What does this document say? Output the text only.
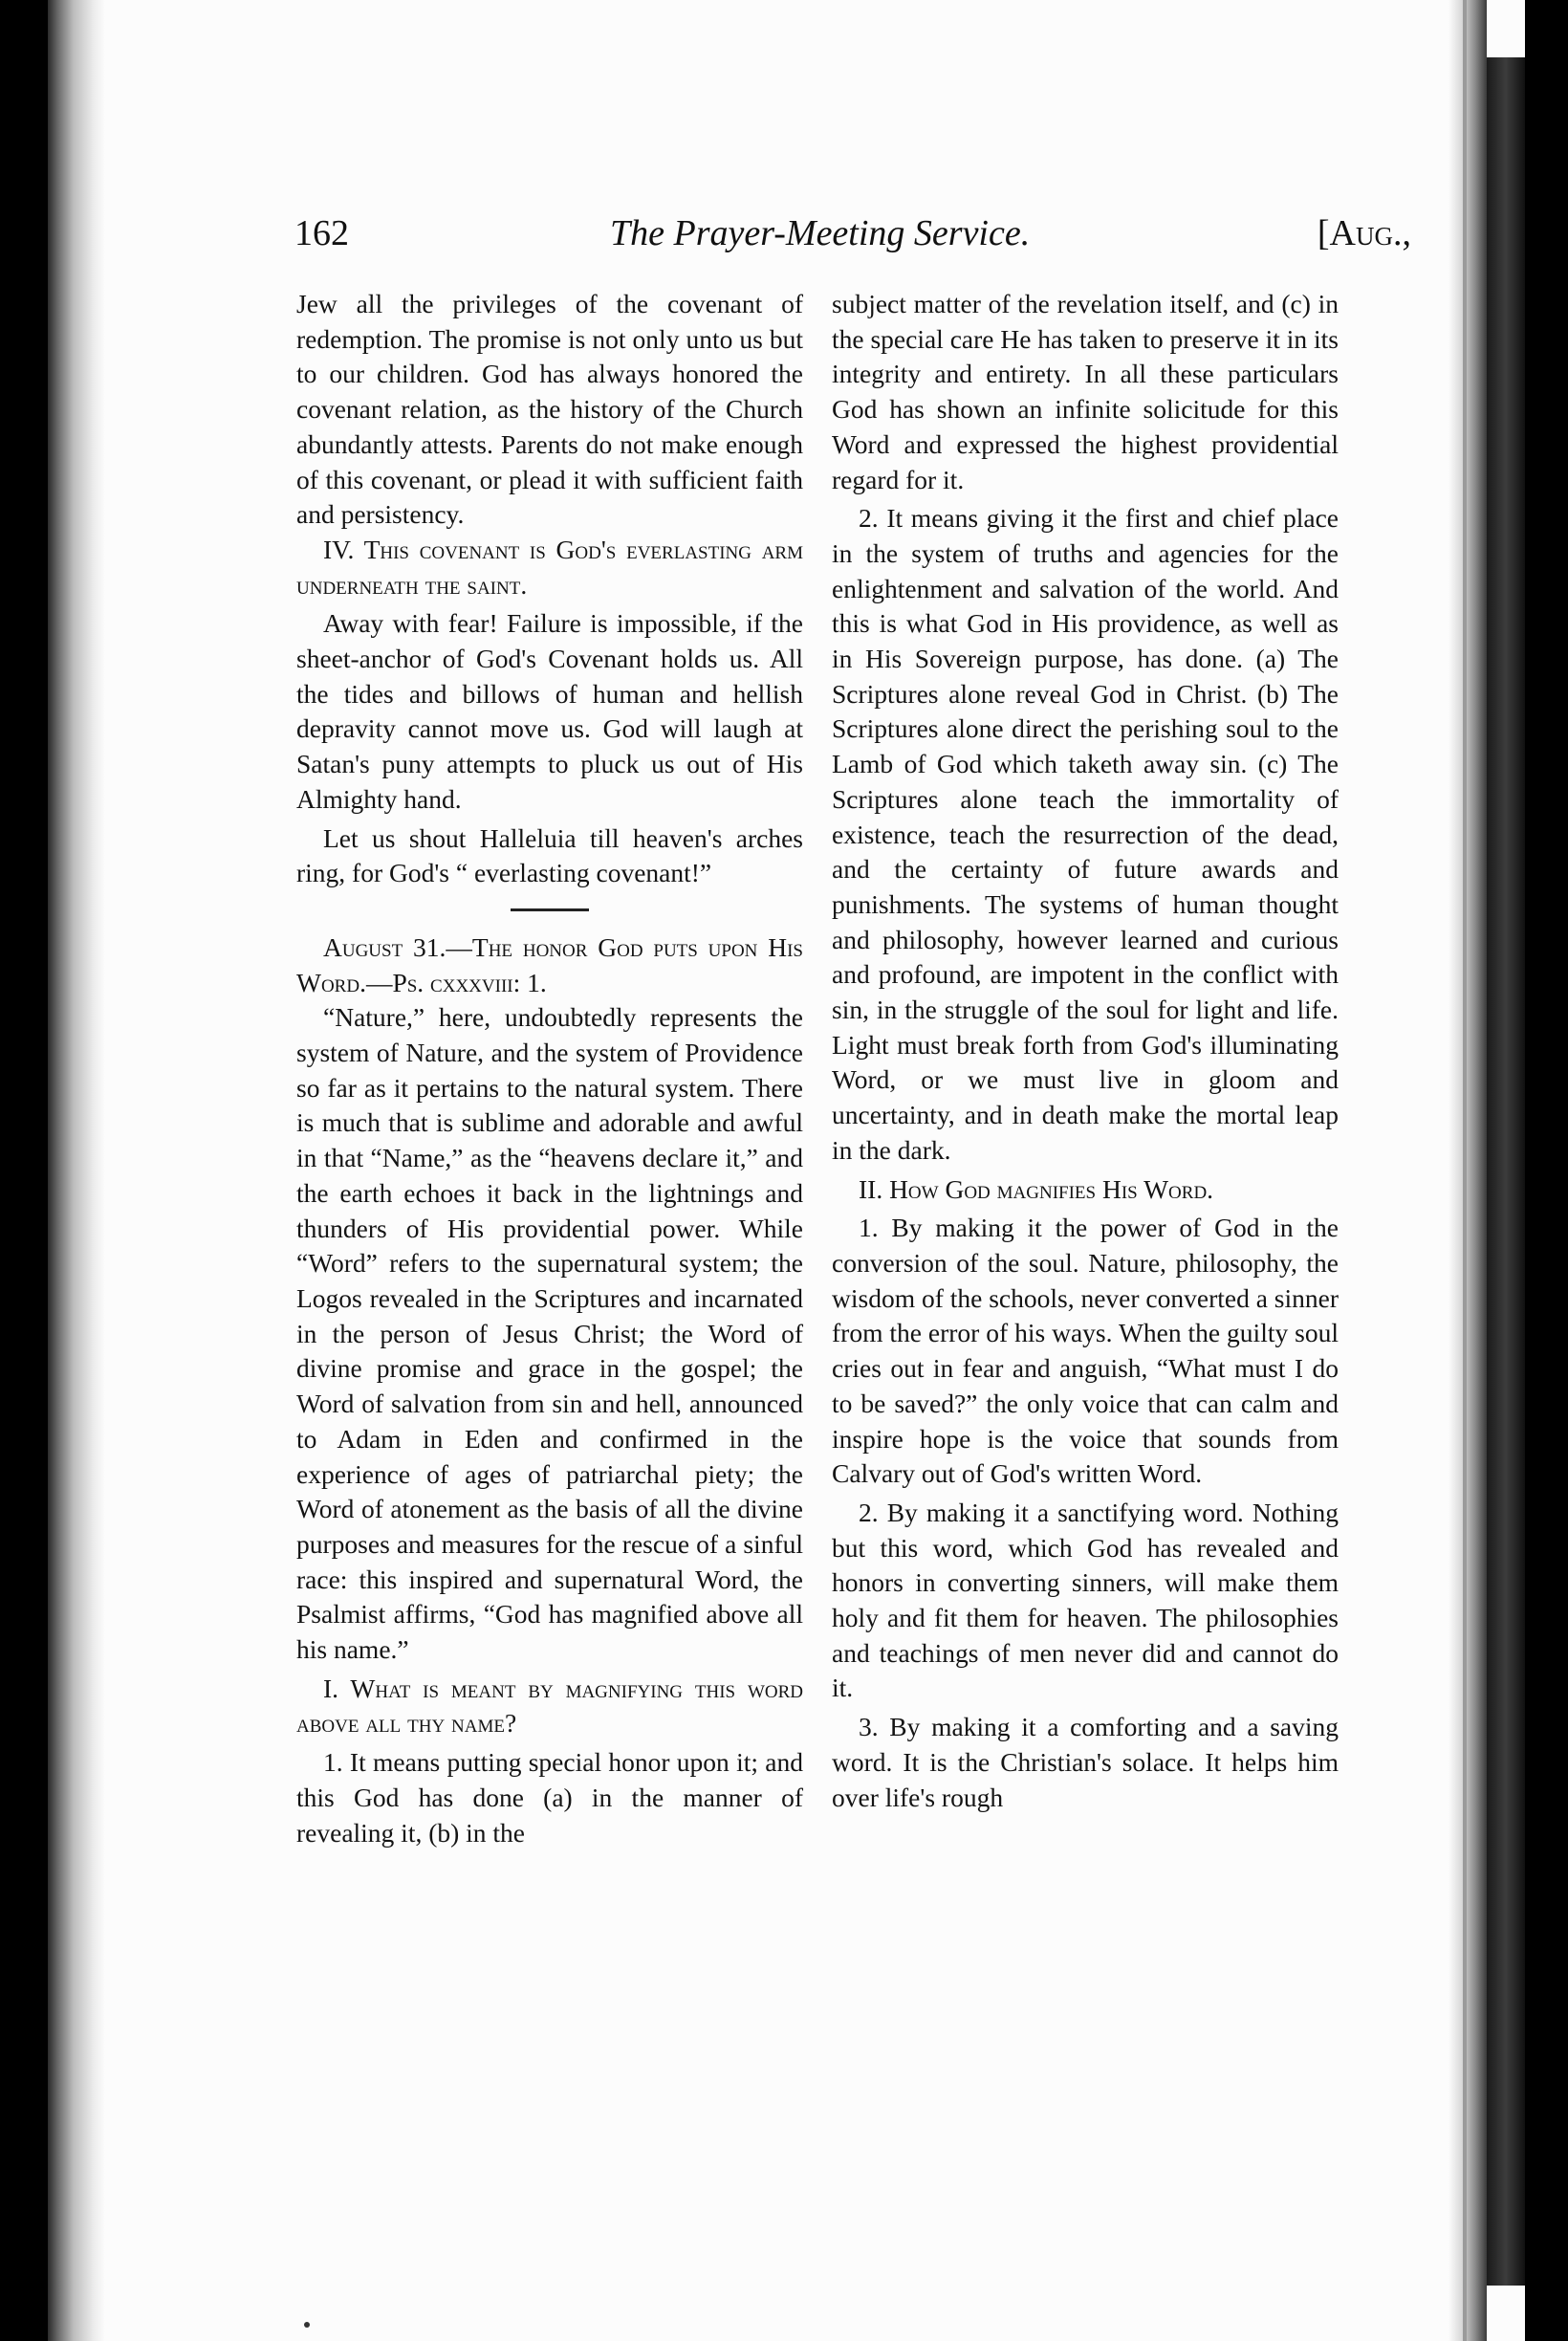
162	The Prayer-Meeting Service.	[Aug.,

Jew all the privileges of the covenant of redemption. The promise is not only unto us but to our children. God has always honored the covenant relation, as the history of the Church abundantly attests. Parents do not make enough of this covenant, or plead it with sufficient faith and persistency.

IV. This covenant is God's everlasting arm underneath the saint.

Away with fear! Failure is impossible, if the sheet-anchor of God's Covenant holds us. All the tides and billows of human and hellish depravity cannot move us. God will laugh at Satan's puny attempts to pluck us out of His Almighty hand.

Let us shout Halleluia till heaven's arches ring, for God's “ everlasting covenant!”

August 31.—The honor God puts upon His Word.—Ps. cxxxviii: 1.

“Nature,” here, undoubtedly represents the system of Nature, and the system of Providence so far as it pertains to the natural system. There is much that is sublime and adorable and awful in that “Name,” as the “heavens declare it,” and the earth echoes it back in the lightnings and thunders of His providential power. While “Word” refers to the supernatural system; the Logos revealed in the Scriptures and incarnated in the person of Jesus Christ; the Word of divine promise and grace in the gospel; the Word of salvation from sin and hell, announced to Adam in Eden and confirmed in the experience of ages of patriarchal piety; the Word of atonement as the basis of all the divine purposes and measures for the rescue of a sinful race: this inspired and supernatural Word, the Psalmist affirms, “God has magnified above all his name.”

I. What is meant by magnifying this word above all thy name?

1. It means putting special honor upon it; and this God has done (a) in the manner of revealing it, (b) in the

subject matter of the revelation itself, and (c) in the special care He has taken to preserve it in its integrity and entirety. In all these particulars God has shown an infinite solicitude for this Word and expressed the highest providential regard for it.

2. It means giving it the first and chief place in the system of truths and agencies for the enlightenment and salvation of the world. And this is what God in His providence, as well as in His Sovereign purpose, has done. (a) The Scriptures alone reveal God in Christ. (b) The Scriptures alone direct the perishing soul to the Lamb of God which taketh away sin. (c) The Scriptures alone teach the immortality of existence, teach the resurrection of the dead, and the certainty of future awards and punishments. The systems of human thought and philosophy, however learned and curious and profound, are impotent in the conflict with sin, in the struggle of the soul for light and life. Light must break forth from God's illuminating Word, or we must live in gloom and uncertainty, and in death make the mortal leap in the dark.

II. How God magnifies His Word.

1. By making it the power of God in the conversion of the soul. Nature, philosophy, the wisdom of the schools, never converted a sinner from the error of his ways. When the guilty soul cries out in fear and anguish, “What must I do to be saved?” the only voice that can calm and inspire hope is the voice that sounds from Calvary out of God's written Word.

2. By making it a sanctifying word. Nothing but this word, which God has revealed and honors in converting sinners, will make them holy and fit them for heaven. The philosophies and teachings of men never did and cannot do it.

3. By making it a comforting and a saving word. It is the Christian's solace. It helps him over life's rough
